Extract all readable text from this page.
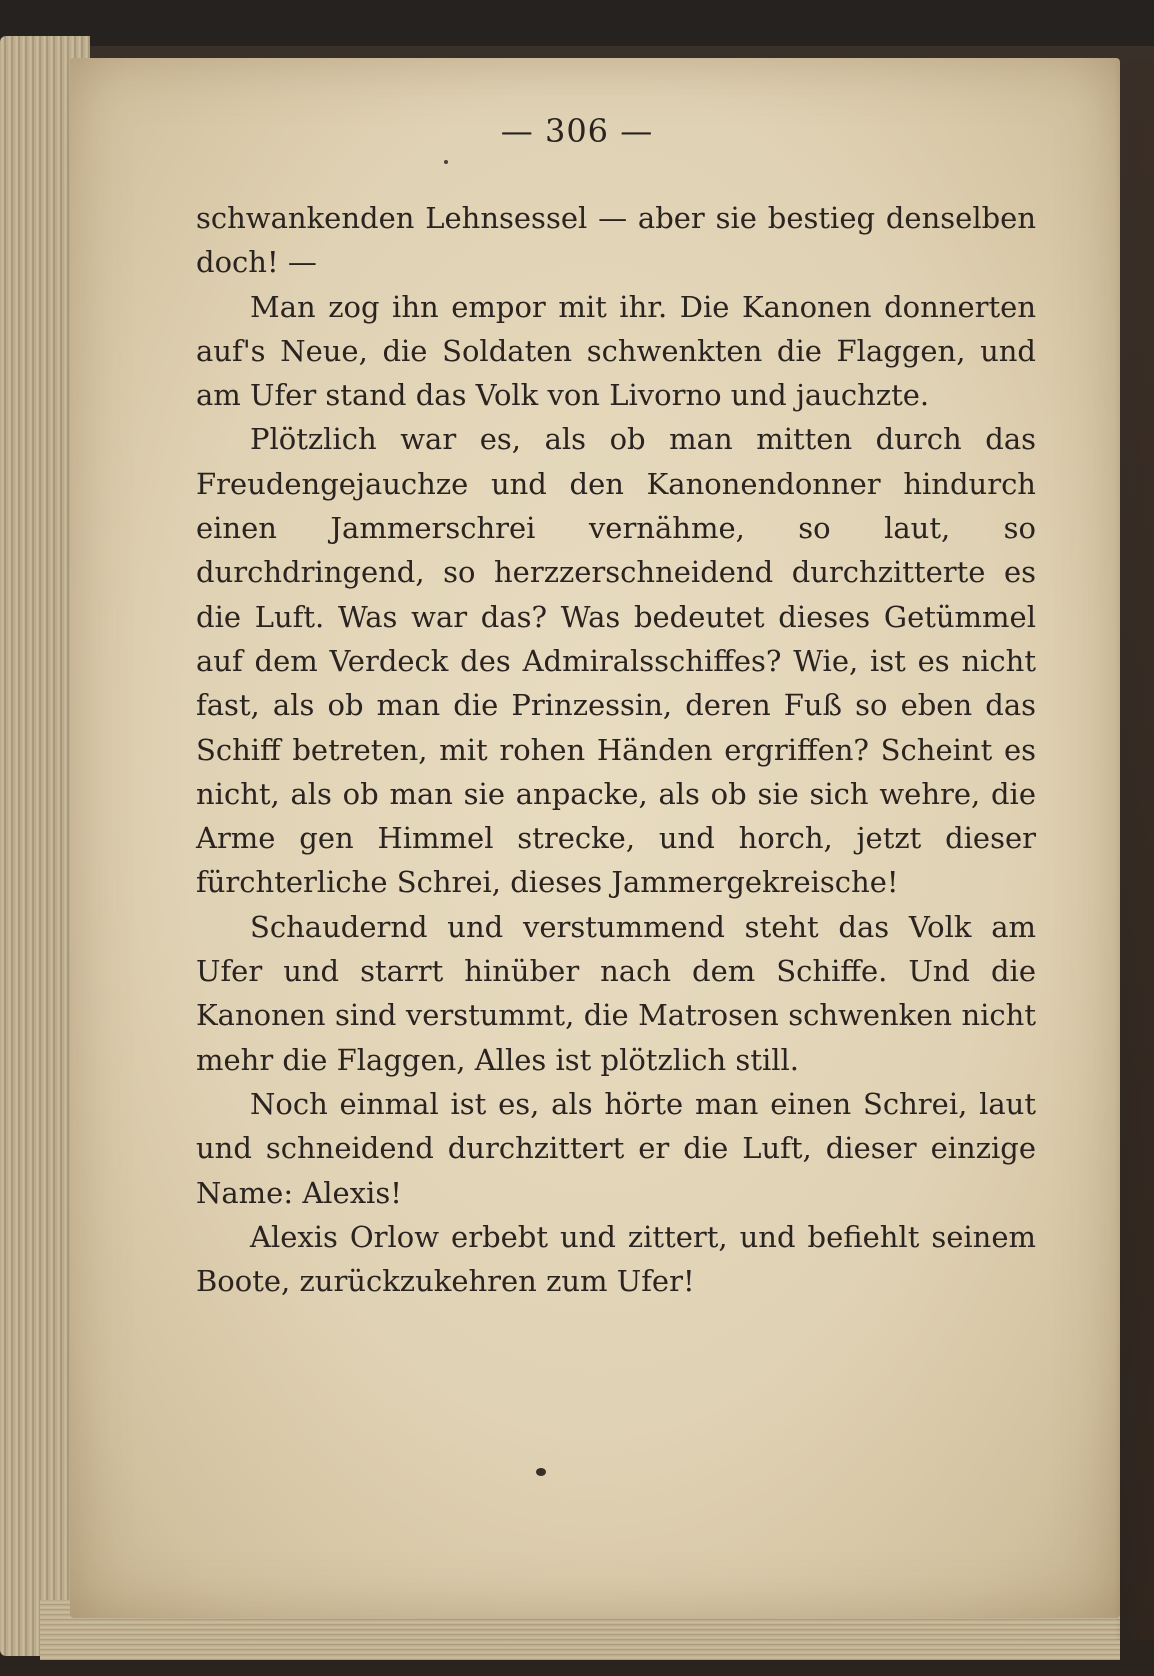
— 306 —

schwankenden Lehnsessel — aber sie bestieg denselben doch! —

Man zog ihn empor mit ihr. Die Kanonen donnerten auf's Neue, die Soldaten schwenkten die Flaggen, und am Ufer stand das Volk von Livorno und jauchzte.

Plötzlich war es, als ob man mitten durch das Freudengejauchze und den Kanonendonner hindurch einen Jammerschrei vernähme, so laut, so durchdringend, so herzzerschneidend durchzitterte es die Luft. Was war das? Was bedeutet dieses Getümmel auf dem Verdeck des Admiralsschiffes? Wie, ist es nicht fast, als ob man die Prinzessin, deren Fuß so eben das Schiff betreten, mit rohen Händen ergriffen? Scheint es nicht, als ob man sie anpacke, als ob sie sich wehre, die Arme gen Himmel strecke, und horch, jetzt dieser fürchterliche Schrei, dieses Jammergekreische!

Schaudernd und verstummend steht das Volk am Ufer und starrt hinüber nach dem Schiffe. Und die Kanonen sind verstummt, die Matrosen schwenken nicht mehr die Flaggen, Alles ist plötzlich still.

Noch einmal ist es, als hörte man einen Schrei, laut und schneidend durchzittert er die Luft, dieser einzige Name: Alexis!

Alexis Orlow erbebt und zittert, und befiehlt seinem Boote, zurückzukehren zum Ufer!
